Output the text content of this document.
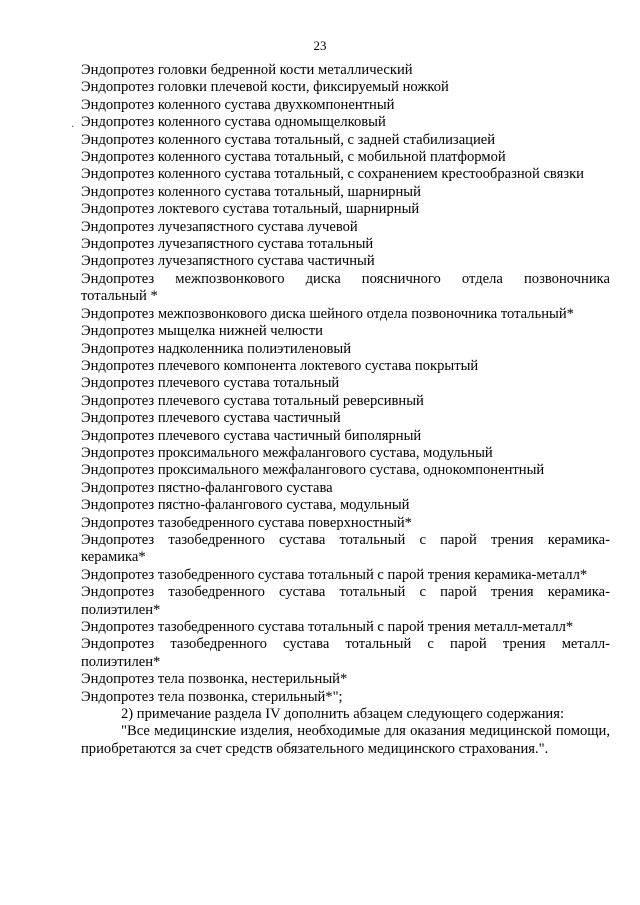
23
·
Эндопротез головки бедренной кости металлический
Эндопротез головки плечевой кости, фиксируемый ножкой
Эндопротез коленного сустава двухкомпонентный
Эндопротез коленного сустава одномыщелковый
Эндопротез коленного сустава тотальный, с задней стабилизацией
Эндопротез коленного сустава тотальный, с мобильной платформой
Эндопротез коленного сустава тотальный, с сохранением крестообразной связки
Эндопротез коленного сустава тотальный, шарнирный
Эндопротез локтевого сустава тотальный, шарнирный
Эндопротез лучезапястного сустава лучевой
Эндопротез лучезапястного сустава тотальный
Эндопротез лучезапястного сустава частичный
Эндопротез межпозвонкового диска поясничного отдела позвоночника
тотальный *
Эндопротез межпозвонкового диска шейного отдела позвоночника тотальный*
Эндопротез мыщелка нижней челюсти
Эндопротез надколенника полиэтиленовый
Эндопротез плечевого компонента локтевого сустава покрытый
Эндопротез плечевого сустава тотальный
Эндопротез плечевого сустава тотальный реверсивный
Эндопротез плечевого сустава частичный
Эндопротез плечевого сустава частичный биполярный
Эндопротез проксимального межфалангового сустава, модульный
Эндопротез проксимального межфалангового сустава, однокомпонентный
Эндопротез пястно-фалангового сустава
Эндопротез пястно-фалангового сустава, модульный
Эндопротез тазобедренного сустава поверхностный*
Эндопротез тазобедренного сустава тотальный с парой трения керамика-
керамика*
Эндопротез тазобедренного сустава тотальный с парой трения керамика-металл*
Эндопротез тазобедренного сустава тотальный с парой трения керамика-
полиэтилен*
Эндопротез тазобедренного сустава тотальный с парой трения металл-металл*
Эндопротез тазобедренного сустава тотальный с парой трения металл-
полиэтилен*
Эндопротез тела позвонка, нестерильный*
Эндопротез тела позвонка, стерильный*";
2) примечание раздела IV дополнить абзацем следующего содержания:
"Все медицинские изделия, необходимые для оказания медицинской помощи, приобретаются за счет средств обязательного медицинского страхования.".
